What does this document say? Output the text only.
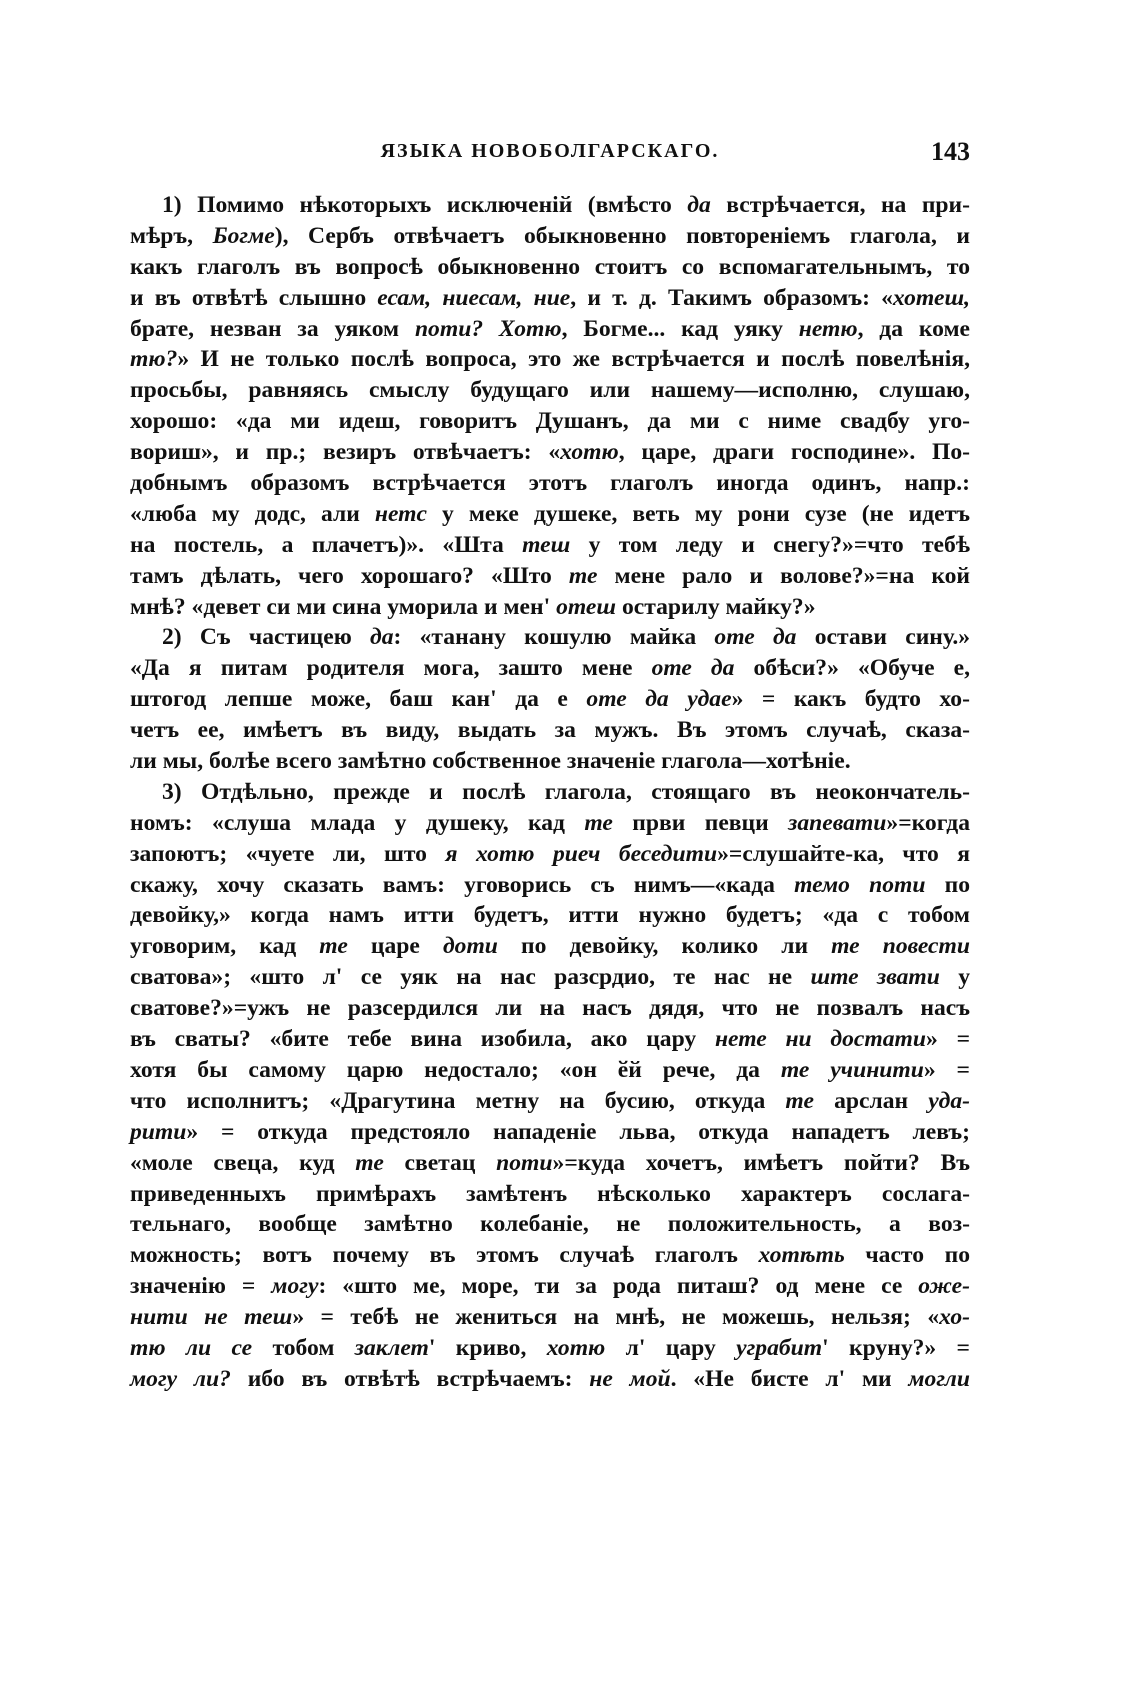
ЯЗЫКА НОВОБОЛГАРСКАГО.	143
1) Помимо нѣкоторыхъ исключеній (вмѣсто да встрѣчается, на при-
мѣръ, Богме), Сербъ отвѣчаетъ обыкновенно повтореніемъ глагола, и
какъ глаголъ въ вопросѣ обыкновенно стоитъ со вспомагательнымъ, то
и въ отвѣтѣ слышно есам, ниесам, ние, и т. д. Такимъ образомъ: «хотеш,
брате, незван за уяком поти? Хотю, Богме... кад уяку нетю, да коме
тю?» И не только послѣ вопроса, это же встрѣчается и послѣ повелѣнія,
просьбы, равняясь смыслу будущаго или нашему—исполню, слушаю,
хорошо: «да ми идеш, говоритъ Душанъ, да ми с ниме свадбу уго-
вориш», и пр.; везиръ отвѣчаетъ: «хотю, царе, драги господине». По-
добнымъ образомъ встрѣчается этотъ глаголъ иногда одинъ, напр.:
«люба му додс, али нетс у меке душеке, веть му рони сузе (не идетъ
на постель, а плачетъ)». «Шта теш у том леду и снегу?»=что тебѣ
тамъ дѣлать, чего хорошаго? «Што те мене рало и волове?»=на кой
мнѣ? «девет си ми сина уморила и мен' отеш остарилу майку?»
2) Съ частицею да: «танану кошулю майка оте да остави сину.»
«Да я питам родителя мога, зашто мене оте да обѣси?» «Обуче е,
штогод лепше може, баш кан' да е оте да удае» = какъ будто хо-
четъ ее, имѣетъ въ виду, выдать за мужъ. Въ этомъ случаѣ, сказа-
ли мы, болѣе всего замѣтно собственное значеніе глагола—хотѣніе.
3) Отдѣльно, прежде и послѣ глагола, стоящаго въ неокончатель-
номъ: «слуша млада у душеку, кад те први певци запевати»=когда
запоютъ; «чуете ли, што я хотю риеч беседити»=слушайте-ка, что я
скажу, хочу сказать вамъ: уговорись съ нимъ—«када темо поти по
девойку,» когда намъ итти будетъ, итти нужно будетъ; «да с тобом
уговорим, кад те царе доти по девойку, колико ли те повести
сватова»; «што л' се уяк на нас разсрдио, те нас не ште звати у
сватове?»=ужъ не разсердился ли на насъ дядя, что не позвалъ насъ
въ сваты? «бите тебе вина изобила, ако цару нете ни достати» =
хотя бы самому царю недостало; «он ӗй рече, да те учинити» =
что исполнитъ; «Драгутина метну на бусию, откуда те арслан уда-
рити» = откуда предстояло нападеніе льва, откуда нападетъ левъ;
«моле свеца, куд те светац поти»=куда хочетъ, имѣетъ пойти? Въ
приведенныхъ примѣрахъ замѣтенъ нѣсколько характеръ сослага-
тельнаго, вообще замѣтно колебаніе, не положительность, а воз-
можность; вотъ почему въ этомъ случаѣ глаголъ хотѣть часто по
значенію = могу: «што ме, море, ти за рода питаш? од мене се оже-
нити не теш» = тебѣ не жениться на мнѣ, не можешь, нельзя; «хо-
тю ли се тобом заклет' криво, хотю л' цару уграбит' круну?» =
могу ли? ибо въ отвѣтѣ встрѣчаемъ: не мой. «Не бисте л' ми могли
